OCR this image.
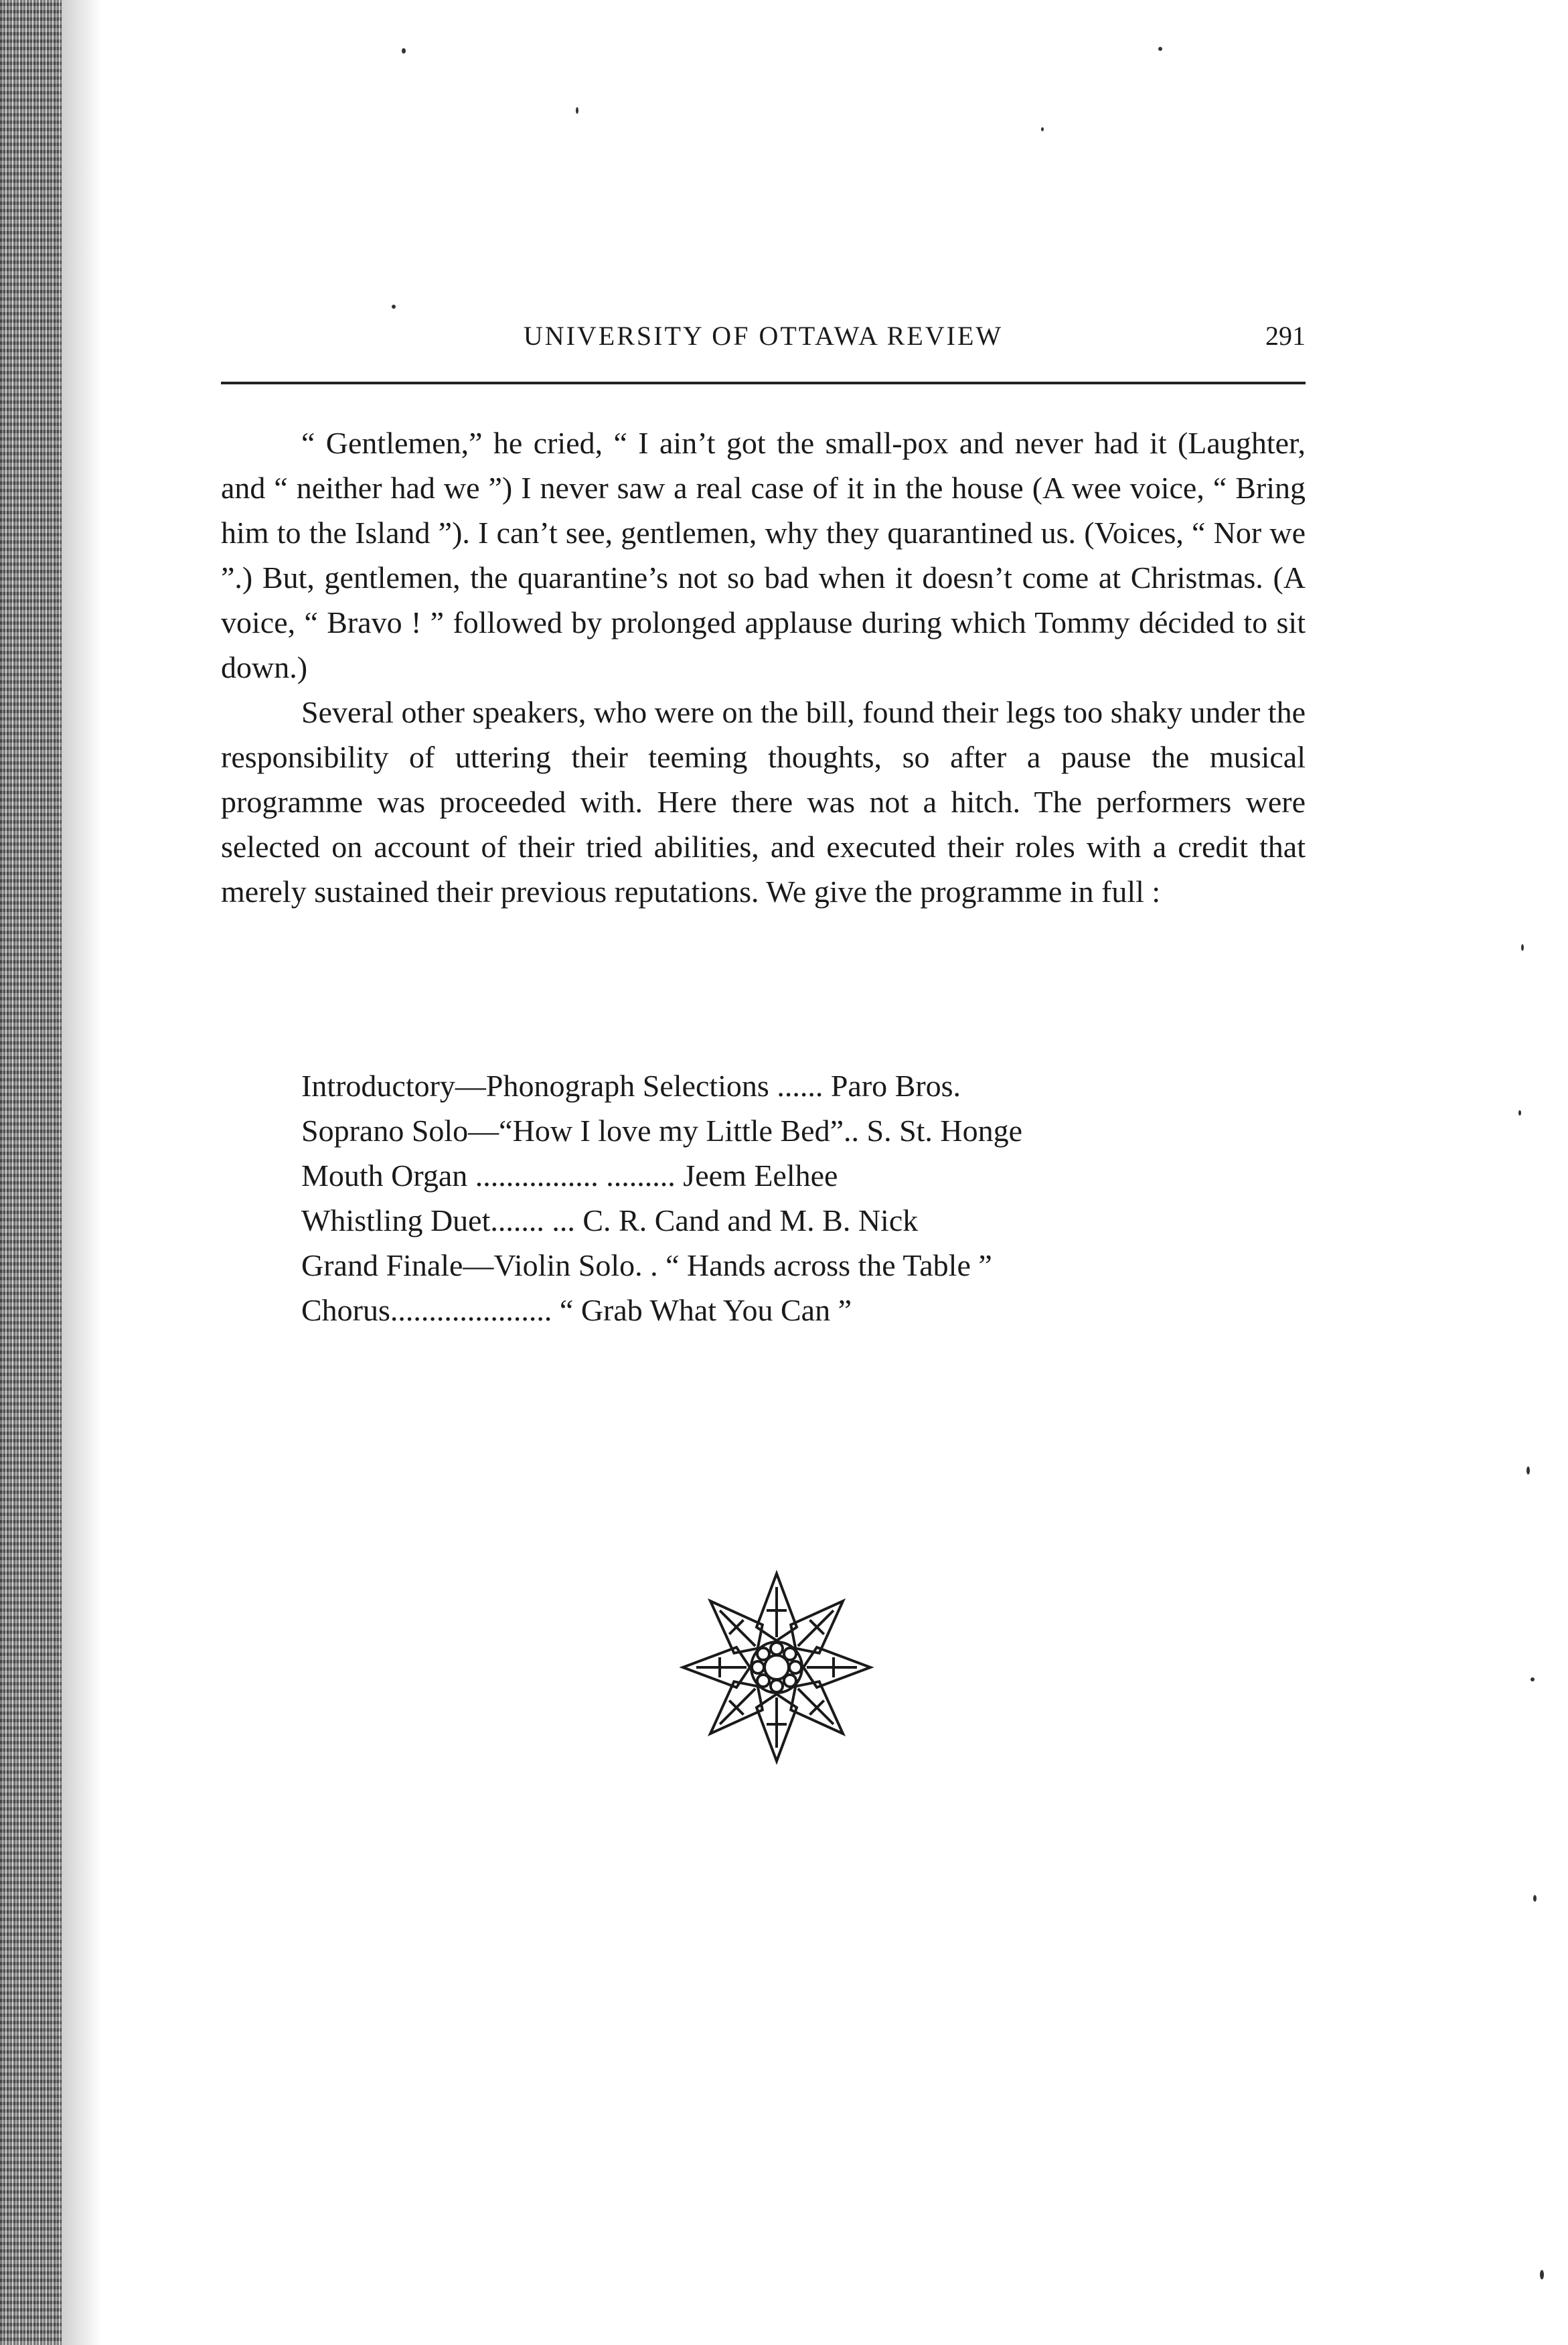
UNIVERSITY OF OTTAWA REVIEW	291

“ Gentlemen,” he cried, “ I ain’t got the small-pox and never had it (Laughter, and “ neither had we ”) I never saw a real case of it in the house (A wee voice, “ Bring him to the Island ”). I can’t see, gentlemen, why they quarantined us. (Voices, “ Nor we ”.) But, gentlemen, the quarantine’s not so bad when it doesn’t come at Christmas. (A voice, “ Bravo ! ” followed by prolonged applause during which Tommy décided to sit down.)

Several other speakers, who were on the bill, found their legs too shaky under the responsibility of uttering their teeming thoughts, so after a pause the musical programme was proceeded with. Here there was not a hitch. The performers were selected on account of their tried abilities, and executed their roles with a credit that merely sustained their previous reputations. We give the programme in full :

Introductory—Phonograph Selections ...... Paro Bros.
Soprano Solo—“How I love my Little Bed”.. S. St. Honge
Mouth Organ ................ ......... Jeem Eelhee
Whistling Duet....... ... C. R. Cand and M. B. Nick
Grand Finale—Violin Solo. . “ Hands across the Table ”
Chorus..................... “ Grab What You Can ”
